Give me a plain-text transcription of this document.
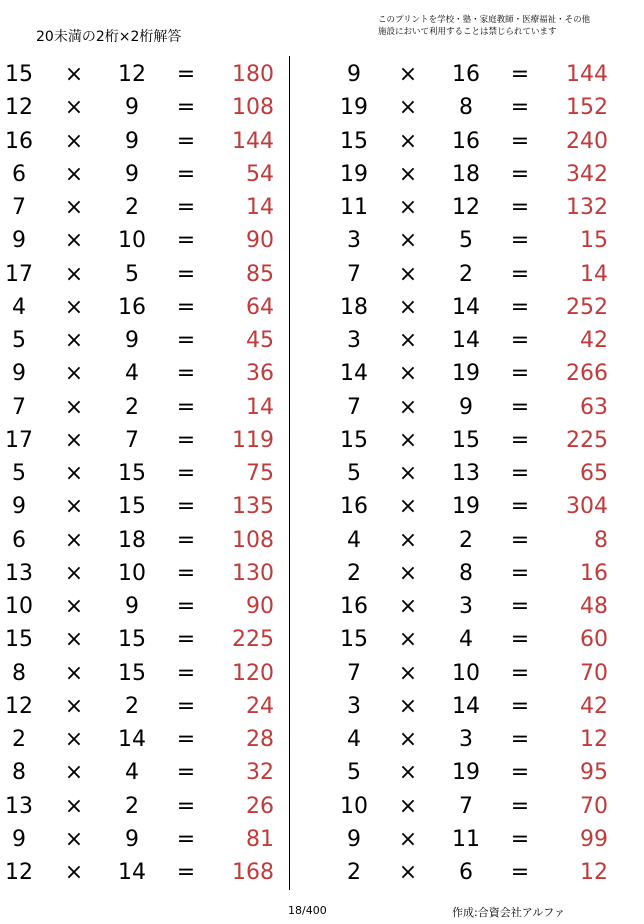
20未満の2桁×2桁解答
このプリントを学校・塾・家庭教師・医療福祉・その他
施設において利用することは禁じられています
15 × 12 =	180
12 ×	9	=	108
16 ×	9	=	144
6	×	9	=	54
7	×	2	=	14
9	× 10 =	90
17 ×	5	=	85
4	× 16 =	64
5	×	9	=	45
9	×	4	=	36
7	×	2	=	14
17 ×	7	=	119
5	× 15 =	75
9	× 15 =	135
6	× 18 =	108
13 × 10 =	130
10 ×	9	=	90
15 × 15 =	225
8	× 15 =	120
12 ×	2	=	24
2	× 14 =	28
8	×	4	=	32
13 ×	2	=	26
9	×	9	=	81
12 × 14 =	168
9	× 16 =	144
19 ×	8	=	152
15 × 16 =	240
19 × 18 =	342
11 × 12 =	132
3	×	5	=	15
7	×	2	=	14
18 × 14 =	252
3	× 14 =	42
14 × 19 =	266
7	×	9	=	63
15 × 15 =	225
5	× 13 =	65
16 × 19 =	304
4	×	2	=	8
2	×	8	=	16
16 ×	3	=	48
15 ×	4	=	60
7	× 10 =	70
3	× 14 =	42
4	×	3	=	12
5	× 19 =	95
10 ×	7	=	70
9	× 11 =	99
2	×	6	=	12
18/400	作成:合資会社アルファ
